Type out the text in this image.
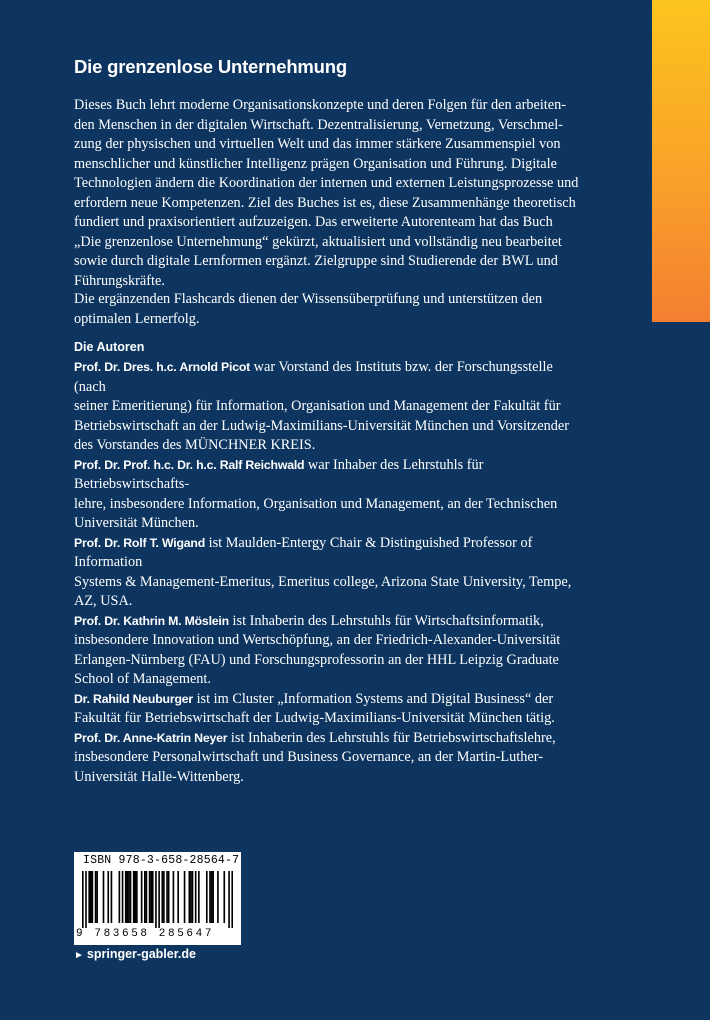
Die grenzenlose Unternehmung
Dieses Buch lehrt moderne Organisationskonzepte und deren Folgen für den arbeiten-
den Menschen in der digitalen Wirtschaft. Dezentralisierung, Vernetzung, Verschmel-
zung der physischen und virtuellen Welt und das immer stärkere Zusammenspiel von
menschlicher und künstlicher Intelligenz prägen Organisation und Führung. Digitale
Technologien ändern die Koordination der internen und externen Leistungsprozesse und
erfordern neue Kompetenzen. Ziel des Buches ist es, diese Zusammenhänge theoretisch
fundiert und praxisorientiert aufzuzeigen. Das erweiterte Autorenteam hat das Buch
„Die grenzenlose Unternehmung“ gekürzt, aktualisiert und vollständig neu bearbeitet
sowie durch digitale Lernformen ergänzt. Zielgruppe sind Studierende der BWL und
Führungskräfte.
Die ergänzenden Flashcards dienen der Wissensüberprüfung und unterstützen den
optimalen Lernerfolg.
Die Autoren
Prof. Dr. Dres. h.c. Arnold Picot war Vorstand des Instituts bzw. der Forschungsstelle (nach
seiner Emeritierung) für Information, Organisation und Management der Fakultät für
Betriebswirtschaft an der Ludwig-Maximilians-Universität München und Vorsitzender
des Vorstandes des MÜNCHNER KREIS.
Prof. Dr. Prof. h.c. Dr. h.c. Ralf Reichwald war Inhaber des Lehrstuhls für Betriebswirtschafts-
lehre, insbesondere Information, Organisation und Management, an der Technischen
Universität München.
Prof. Dr. Rolf T. Wigand ist Maulden-Entergy Chair & Distinguished Professor of Information
Systems & Management-Emeritus, Emeritus college, Arizona State University, Tempe,
AZ, USA.
Prof. Dr. Kathrin M. Möslein ist Inhaberin des Lehrstuhls für Wirtschaftsinformatik,
insbesondere Innovation und Wertschöpfung, an der Friedrich-Alexander-Universität
Erlangen-Nürnberg (FAU) und Forschungsprofessorin an der HHL Leipzig Graduate
School of Management.
Dr. Rahild Neuburger ist im Cluster „Information Systems and Digital Business“ der
Fakultät für Betriebswirtschaft der Ludwig-Maximilians-Universität München tätig.
Prof. Dr. Anne-Katrin Neyer ist Inhaberin des Lehrstuhls für Betriebswirtschaftslehre,
insbesondere Personalwirtschaft und Business Governance, an der Martin-Luther-
Universität Halle-Wittenberg.
ISBN 978-3-658-28564-7
9 783658 285647
► springer-gabler.de
